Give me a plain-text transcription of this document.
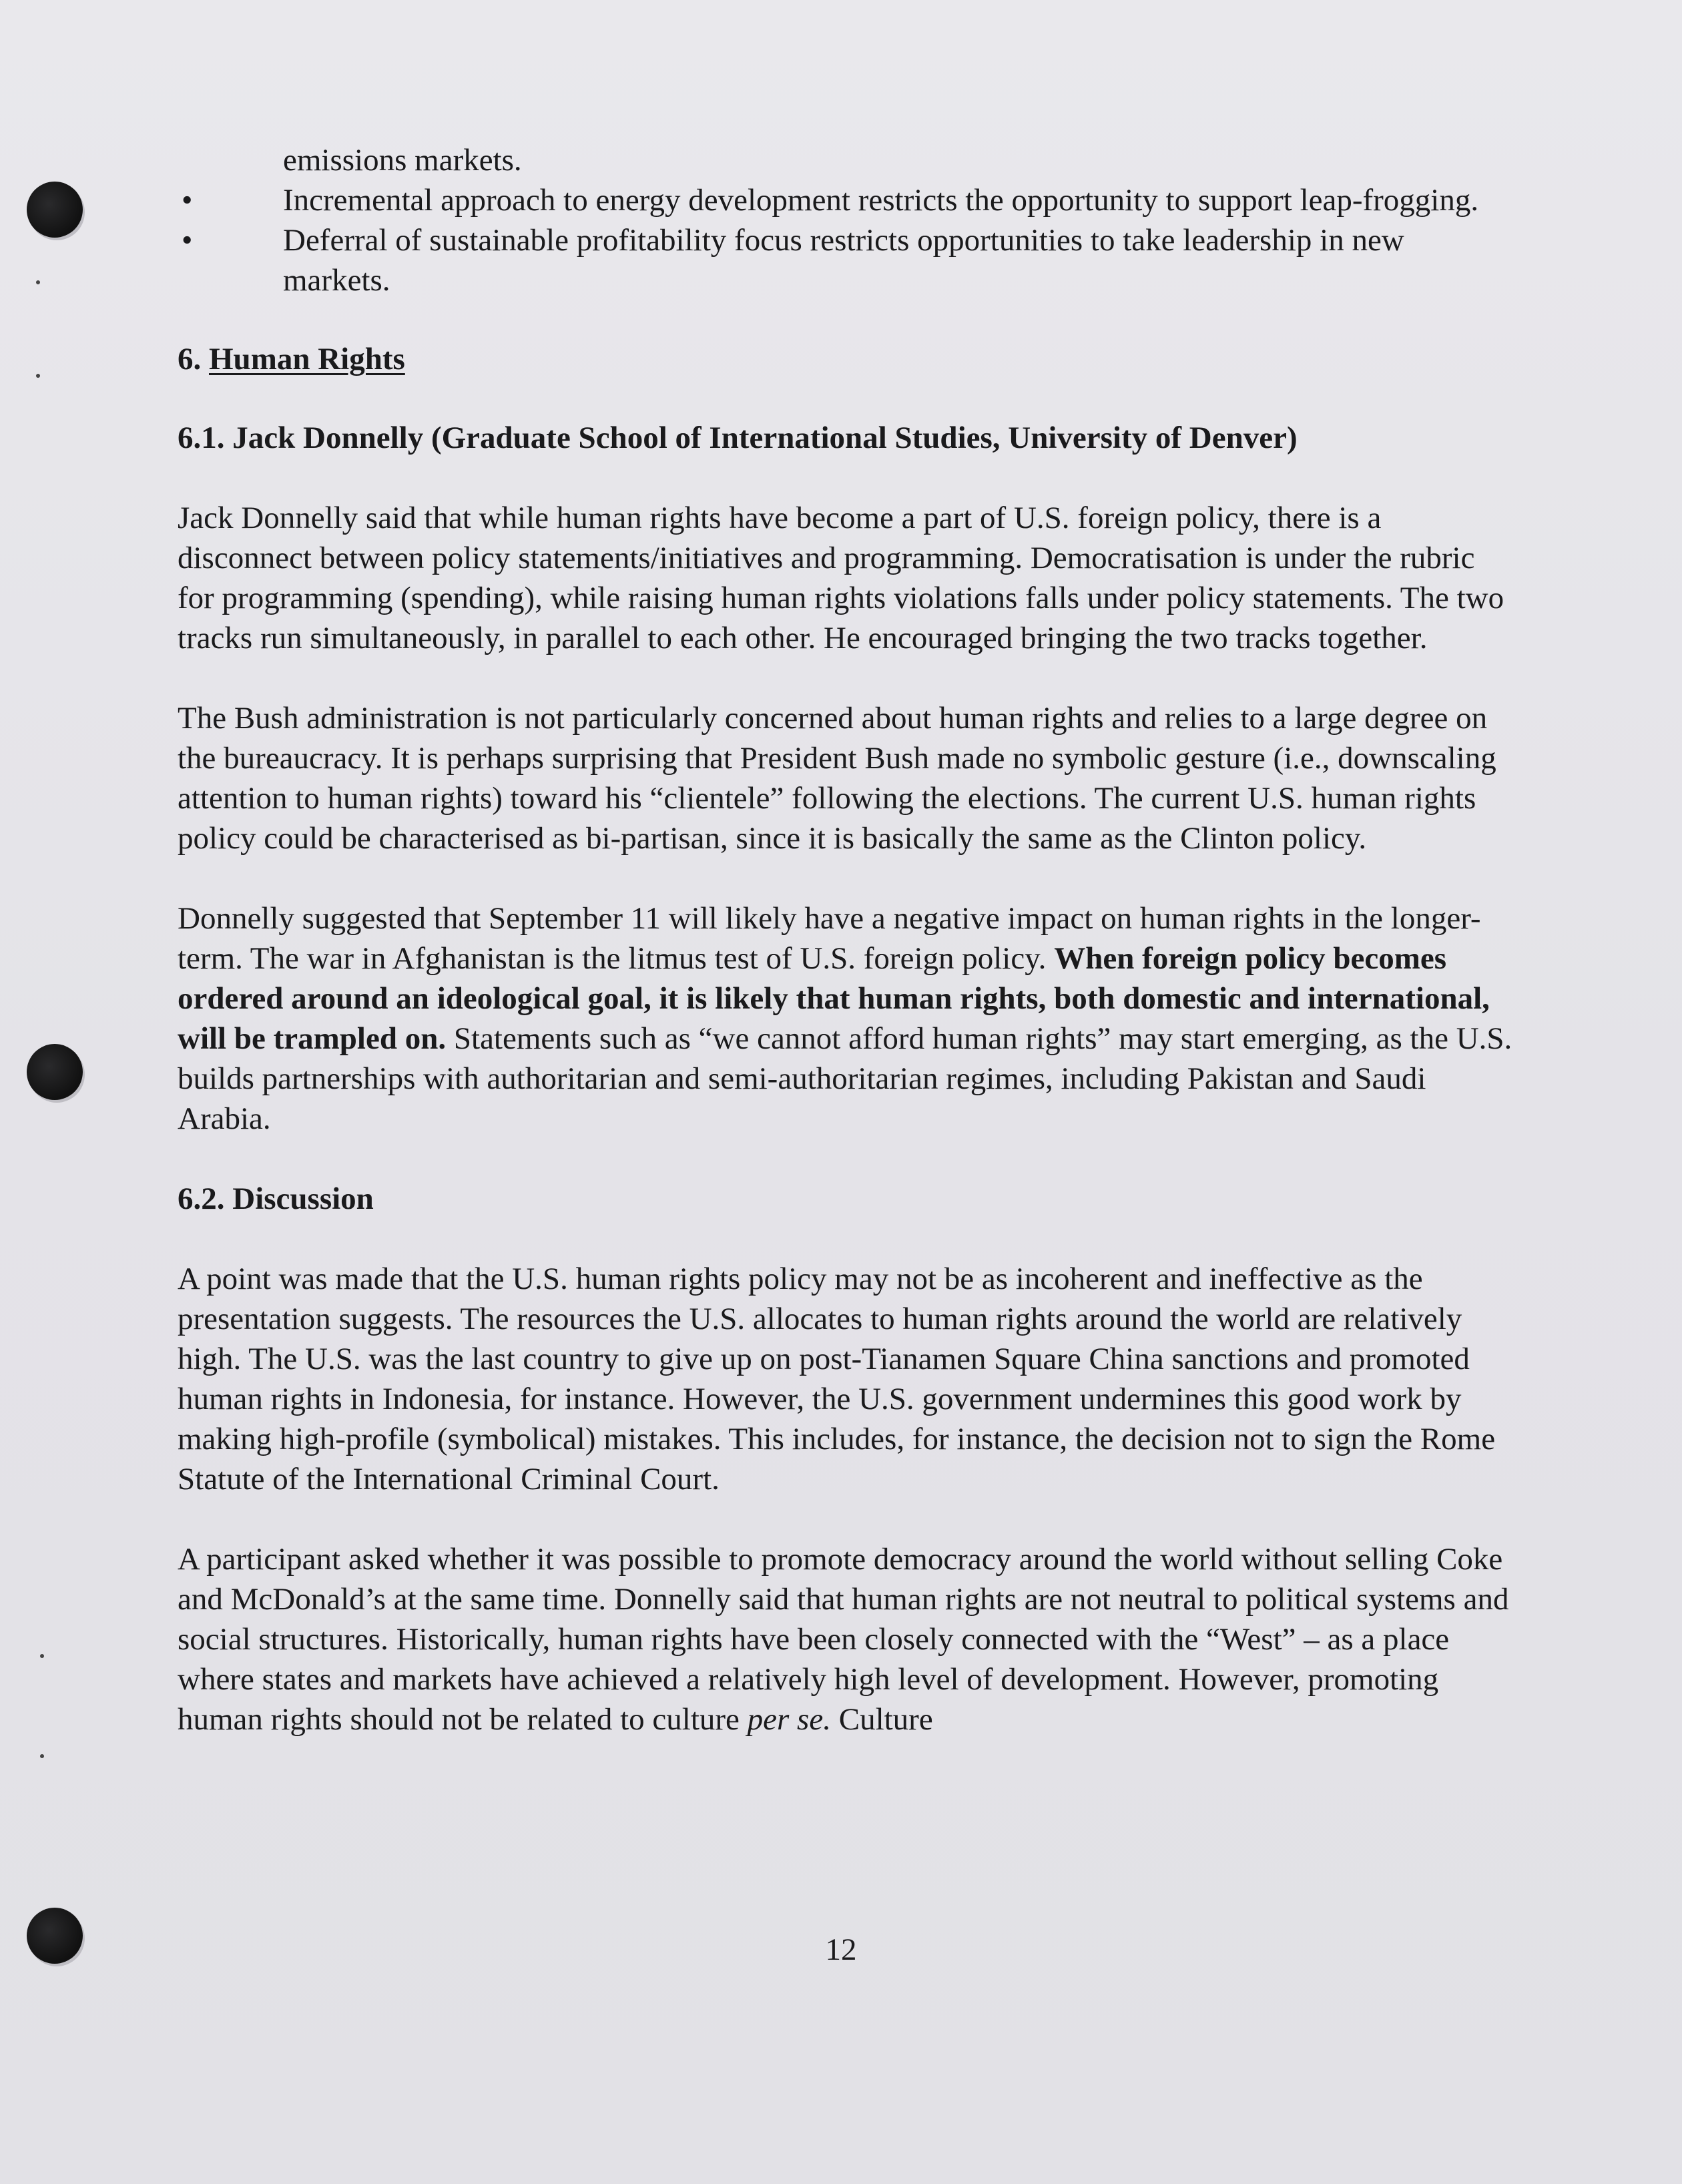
emissions markets.
•	Incremental approach to energy development restricts the opportunity to support leap-frogging.
•	Deferral of sustainable profitability focus restricts opportunities to take leadership in new markets.

6. Human Rights

6.1. Jack Donnelly (Graduate School of International Studies, University of Denver)

Jack Donnelly said that while human rights have become a part of U.S. foreign policy, there is a disconnect between policy statements/initiatives and programming. Democratisation is under the rubric for programming (spending), while raising human rights violations falls under policy statements. The two tracks run simultaneously, in parallel to each other. He encouraged bringing the two tracks together.

The Bush administration is not particularly concerned about human rights and relies to a large degree on the bureaucracy. It is perhaps surprising that President Bush made no symbolic gesture (i.e., downscaling attention to human rights) toward his “clientele” following the elections. The current U.S. human rights policy could be characterised as bi-partisan, since it is basically the same as the Clinton policy.

Donnelly suggested that September 11 will likely have a negative impact on human rights in the longer-term. The war in Afghanistan is the litmus test of U.S. foreign policy. When foreign policy becomes ordered around an ideological goal, it is likely that human rights, both domestic and international, will be trampled on. Statements such as “we cannot afford human rights” may start emerging, as the U.S. builds partnerships with authoritarian and semi-authoritarian regimes, including Pakistan and Saudi Arabia.

6.2. Discussion

A point was made that the U.S. human rights policy may not be as incoherent and ineffective as the presentation suggests. The resources the U.S. allocates to human rights around the world are relatively high. The U.S. was the last country to give up on post-Tianamen Square China sanctions and promoted human rights in Indonesia, for instance. However, the U.S. government undermines this good work by making high-profile (symbolical) mistakes. This includes, for instance, the decision not to sign the Rome Statute of the International Criminal Court.

A participant asked whether it was possible to promote democracy around the world without selling Coke and McDonald’s at the same time. Donnelly said that human rights are not neutral to political systems and social structures. Historically, human rights have been closely connected with the “West” – as a place where states and markets have achieved a relatively high level of development. However, promoting human rights should not be related to culture per se. Culture

12
